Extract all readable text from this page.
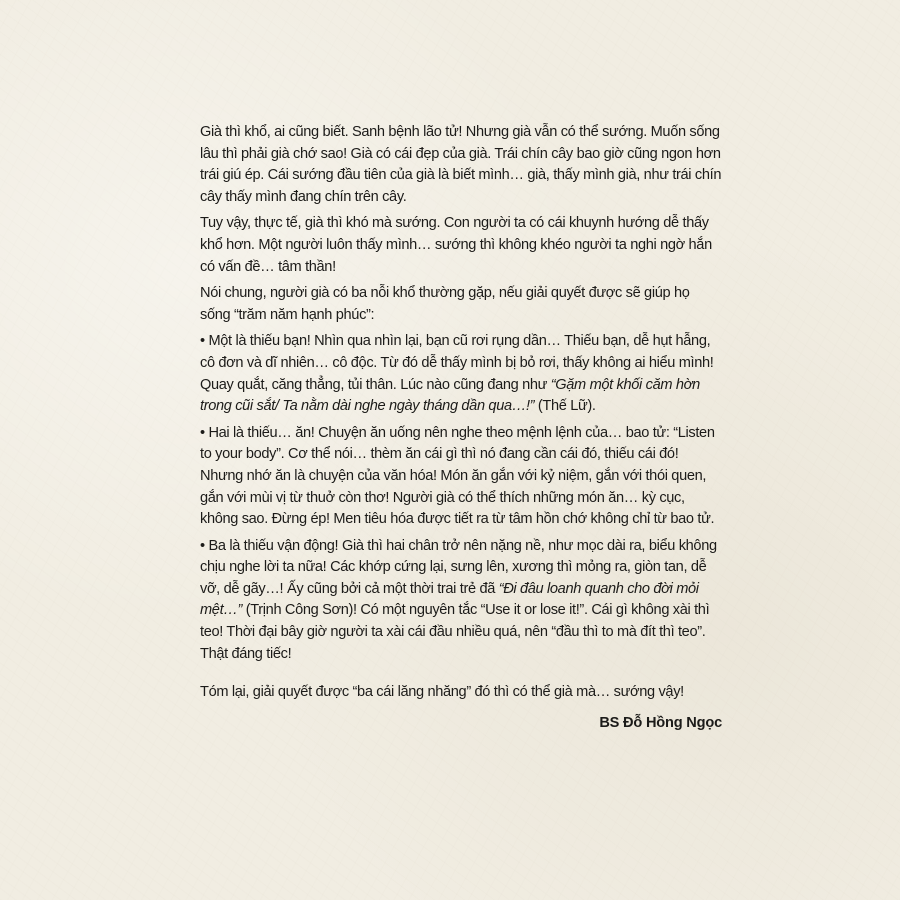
Già thì khổ, ai cũng biết. Sanh bệnh lão tử! Nhưng già vẫn có thể sướng. Muốn sống lâu thì phải già chớ sao! Già có cái đẹp của già. Trái chín cây bao giờ cũng ngon hơn trái giú ép. Cái sướng đầu tiên của già là biết mình… già, thấy mình già, như trái chín cây thấy mình đang chín trên cây.

Tuy vậy, thực tế, già thì khó mà sướng. Con người ta có cái khuynh hướng dễ thấy khổ hơn. Một người luôn thấy mình… sướng thì không khéo người ta nghi ngờ hắn có vấn đề… tâm thần!

Nói chung, người già có ba nỗi khổ thường gặp, nếu giải quyết được sẽ giúp họ sống “trăm năm hạnh phúc”:

• Một là thiếu bạn! Nhìn qua nhìn lại, bạn cũ rơi rụng dần… Thiếu bạn, dễ hụt hẫng, cô đơn và dĩ nhiên… cô độc. Từ đó dễ thấy mình bị bỏ rơi, thấy không ai hiểu mình! Quay quắt, căng thẳng, tủi thân. Lúc nào cũng đang như “Gặm một khối căm hờn trong cũi sắt/ Ta nằm dài nghe ngày tháng dần qua…!” (Thế Lữ).

• Hai là thiếu… ăn! Chuyện ăn uống nên nghe theo mệnh lệnh của… bao tử: “Listen to your body”. Cơ thể nói… thèm ăn cái gì thì nó đang cần cái đó, thiếu cái đó! Nhưng nhớ ăn là chuyện của văn hóa! Món ăn gắn với kỷ niệm, gắn với thói quen, gắn với mùi vị từ thuở còn thơ! Người già có thể thích những món ăn… kỳ cục, không sao. Đừng ép! Men tiêu hóa được tiết ra từ tâm hồn chớ không chỉ từ bao tử.

• Ba là thiếu vận động! Già thì hai chân trở nên nặng nề, như mọc dài ra, biểu không chịu nghe lời ta nữa! Các khớp cứng lại, sưng lên, xương thì mỏng ra, giòn tan, dễ vỡ, dễ gãy…! Ấy cũng bởi cả một thời trai trẻ đã “Đi đâu loanh quanh cho đời mỏi mệt…” (Trịnh Công Sơn)! Có một nguyên tắc “Use it or lose it!”. Cái gì không xài thì teo! Thời đại bây giờ người ta xài cái đầu nhiều quá, nên “đầu thì to mà đít thì teo”. Thật đáng tiếc!

Tóm lại, giải quyết được “ba cái lăng nhăng” đó thì có thể già mà… sướng vậy!

BS Đỗ Hồng Ngọc
